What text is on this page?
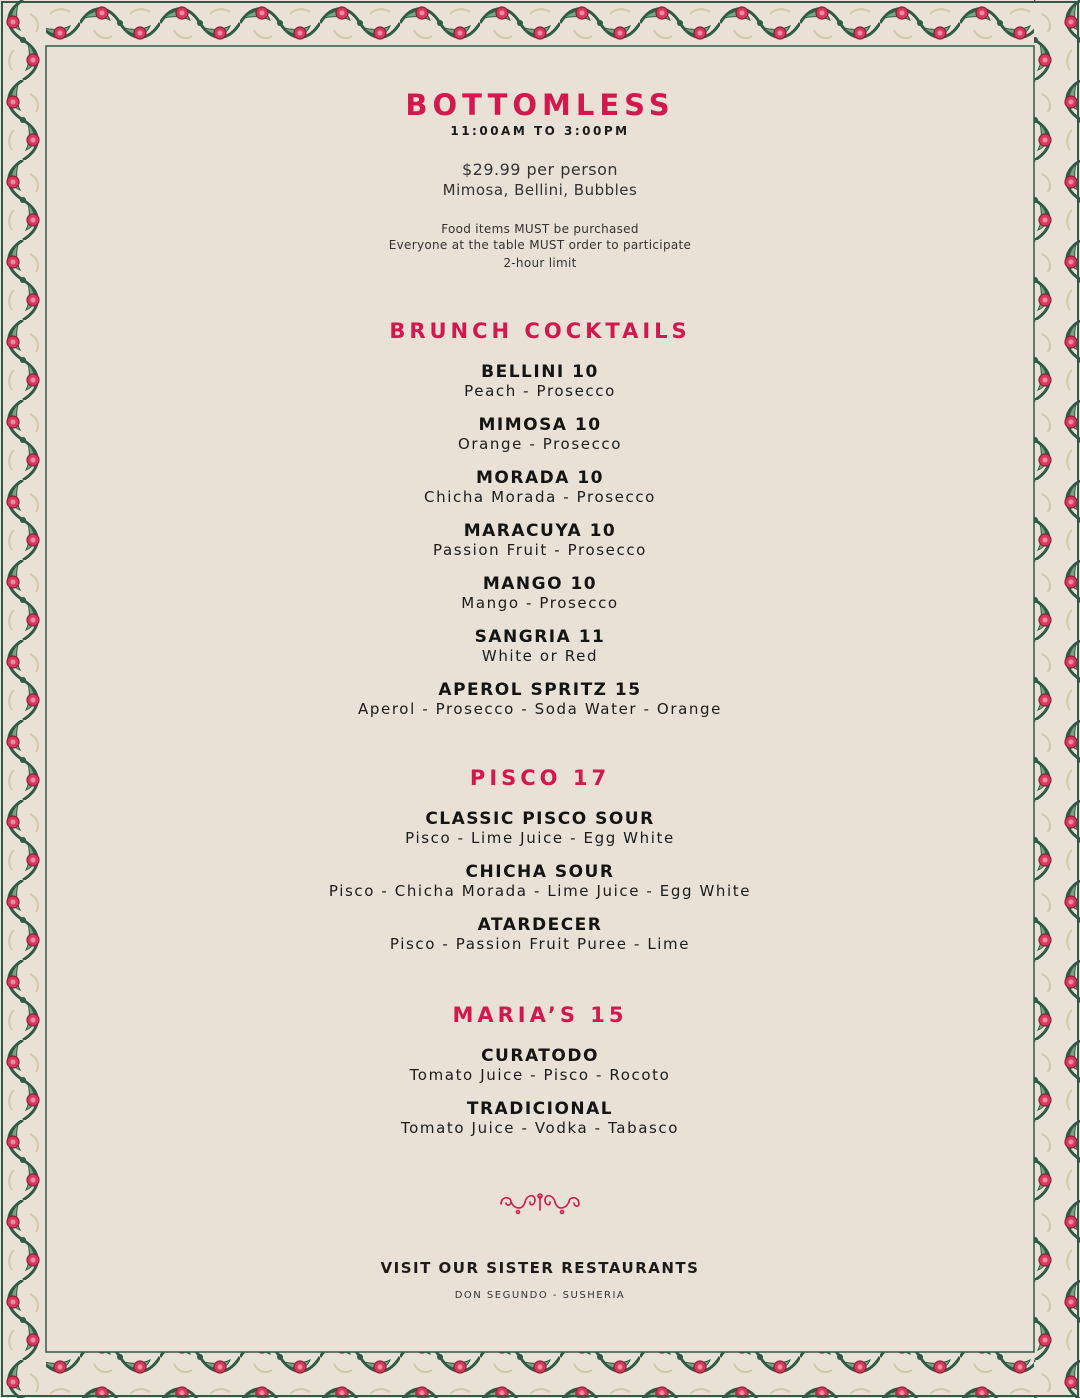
BOTTOMLESS
11:00AM TO 3:00PM
$29.99 per person
Mimosa, Bellini, Bubbles
Food items MUST be purchased
Everyone at the table MUST order to participate
2-hour limit
BRUNCH COCKTAILS
BELLINI 10
Peach - Prosecco
MIMOSA 10
Orange - Prosecco
MORADA 10
Chicha Morada - Prosecco
MARACUYA 10
Passion Fruit - Prosecco
MANGO 10
Mango - Prosecco
SANGRIA 11
White or Red
APEROL SPRITZ 15
Aperol - Prosecco - Soda Water - Orange
PISCO 17
CLASSIC PISCO SOUR
Pisco - Lime Juice - Egg White
CHICHA SOUR
Pisco - Chicha Morada - Lime Juice - Egg White
ATARDECER
Pisco - Passion Fruit Puree - Lime
MARIA’S 15
CURATODO
Tomato Juice - Pisco - Rocoto
TRADICIONAL
Tomato Juice - Vodka - Tabasco
VISIT OUR SISTER RESTAURANTS
DON SEGUNDO - SUSHERIA
